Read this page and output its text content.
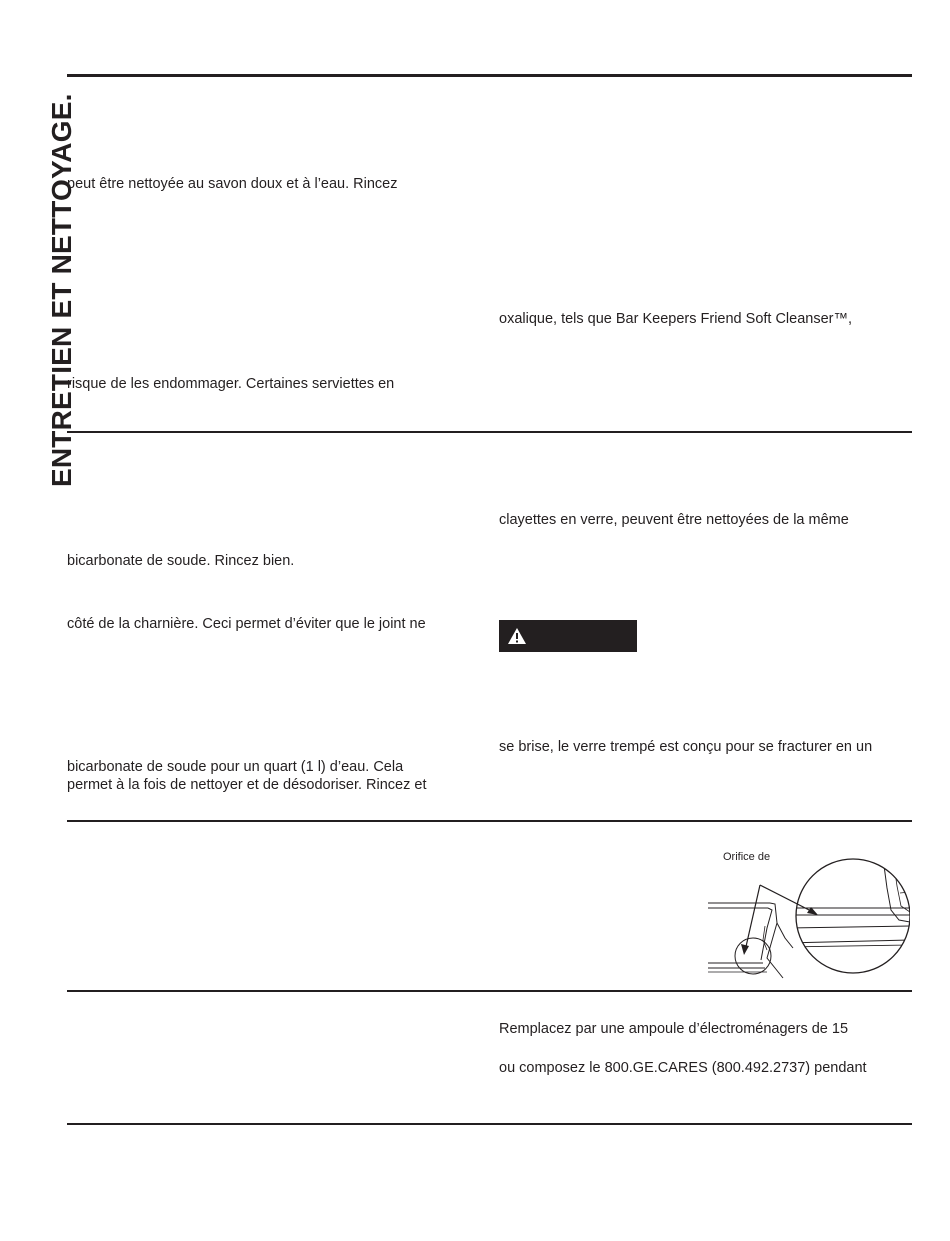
ENTRETIEN ET NETTOYAGE.
peut être nettoyée au savon doux et à l’eau. Rincez
risque de les endommager. Certaines serviettes en
bicarbonate de soude. Rincez bien.
côté de la charnière. Ceci permet d’éviter que le joint ne
bicarbonate de soude pour un quart (1 l) d’eau. Cela
permet à la fois de nettoyer et de désodoriser. Rincez et
oxalique, tels que Bar Keepers Friend Soft Cleanser™,
clayettes en verre, peuvent être nettoyées de la même
se brise, le verre trempé est conçu pour se fracturer en un
Remplacez par une ampoule d’électroménagers de 15
ou composez le 800.GE.CARES (800.492.2737) pendant
Orifice de
